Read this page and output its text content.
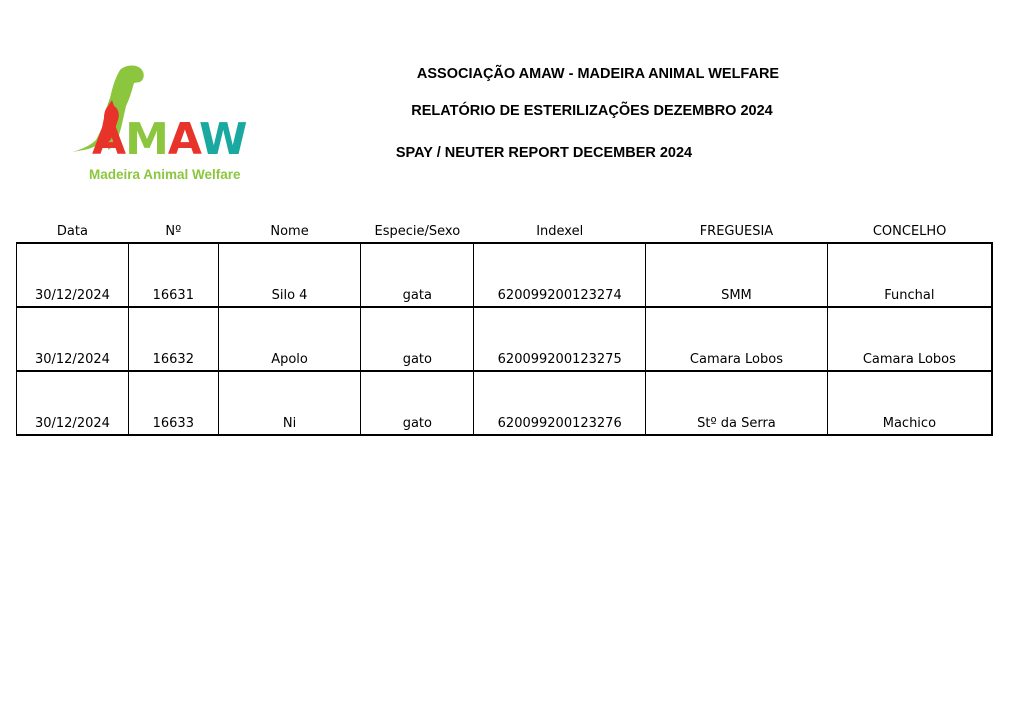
AMAW
Madeira Animal Welfare
ASSOCIAÇÃO AMAW - MADEIRA ANIMAL WELFARE
RELATÓRIO DE ESTERILIZAÇÕES DEZEMBRO 2024
SPAY / NEUTER REPORT DECEMBER 2024
Data	Nº	Nome	Especie/Sexo	Indexel	FREGUESIA	CONCELHO
30/12/2024	16631	Silo 4	gata	620099200123274	SMM	Funchal
30/12/2024	16632	Apolo	gato	620099200123275	Camara Lobos	Camara Lobos
30/12/2024	16633	Ni	gato	620099200123276	Stº da Serra	Machico
